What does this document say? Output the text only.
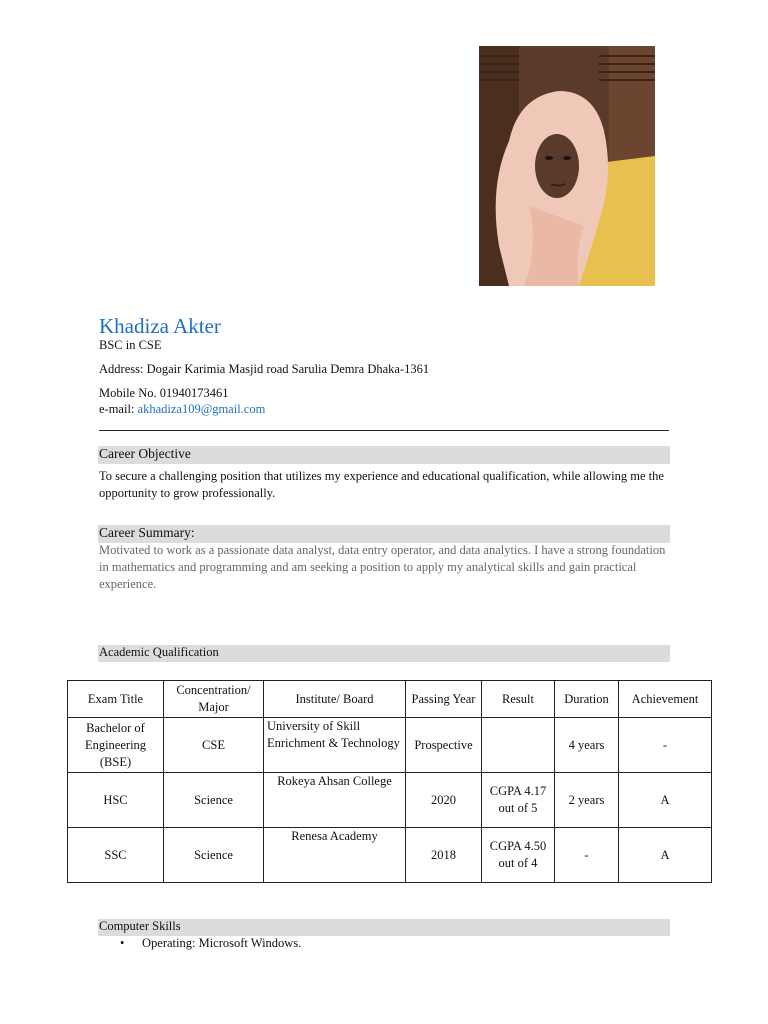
Khadiza Akter
BSC in CSE
Address: Dogair Karimia Masjid road Sarulia Demra Dhaka-1361
Mobile No. 01940173461
e-mail: akhadiza109@gmail.com
Career Objective
To secure a challenging position that utilizes my experience and educational qualification, while allowing me the opportunity to grow professionally.
Career Summary:
Motivated to work as a passionate data analyst, data entry operator, and data analytics. I have a strong foundation in mathematics and programming and am seeking a position to apply my analytical skills and gain practical experience.
Academic Qualification
Exam Title	Concentration/ Major	Institute/ Board	Passing Year	Result	Duration	Achievement
Bachelor of Engineering (BSE)	CSE	University of Skill Enrichment & Technology	Prospective		4 years	-
HSC	Science	Rokeya Ahsan College	2020	CGPA 4.17 out of 5	2 years	A
SSC	Science	Renesa Academy	2018	CGPA 4.50 out of 4	-	A
Computer Skills
• Operating: Microsoft Windows.
